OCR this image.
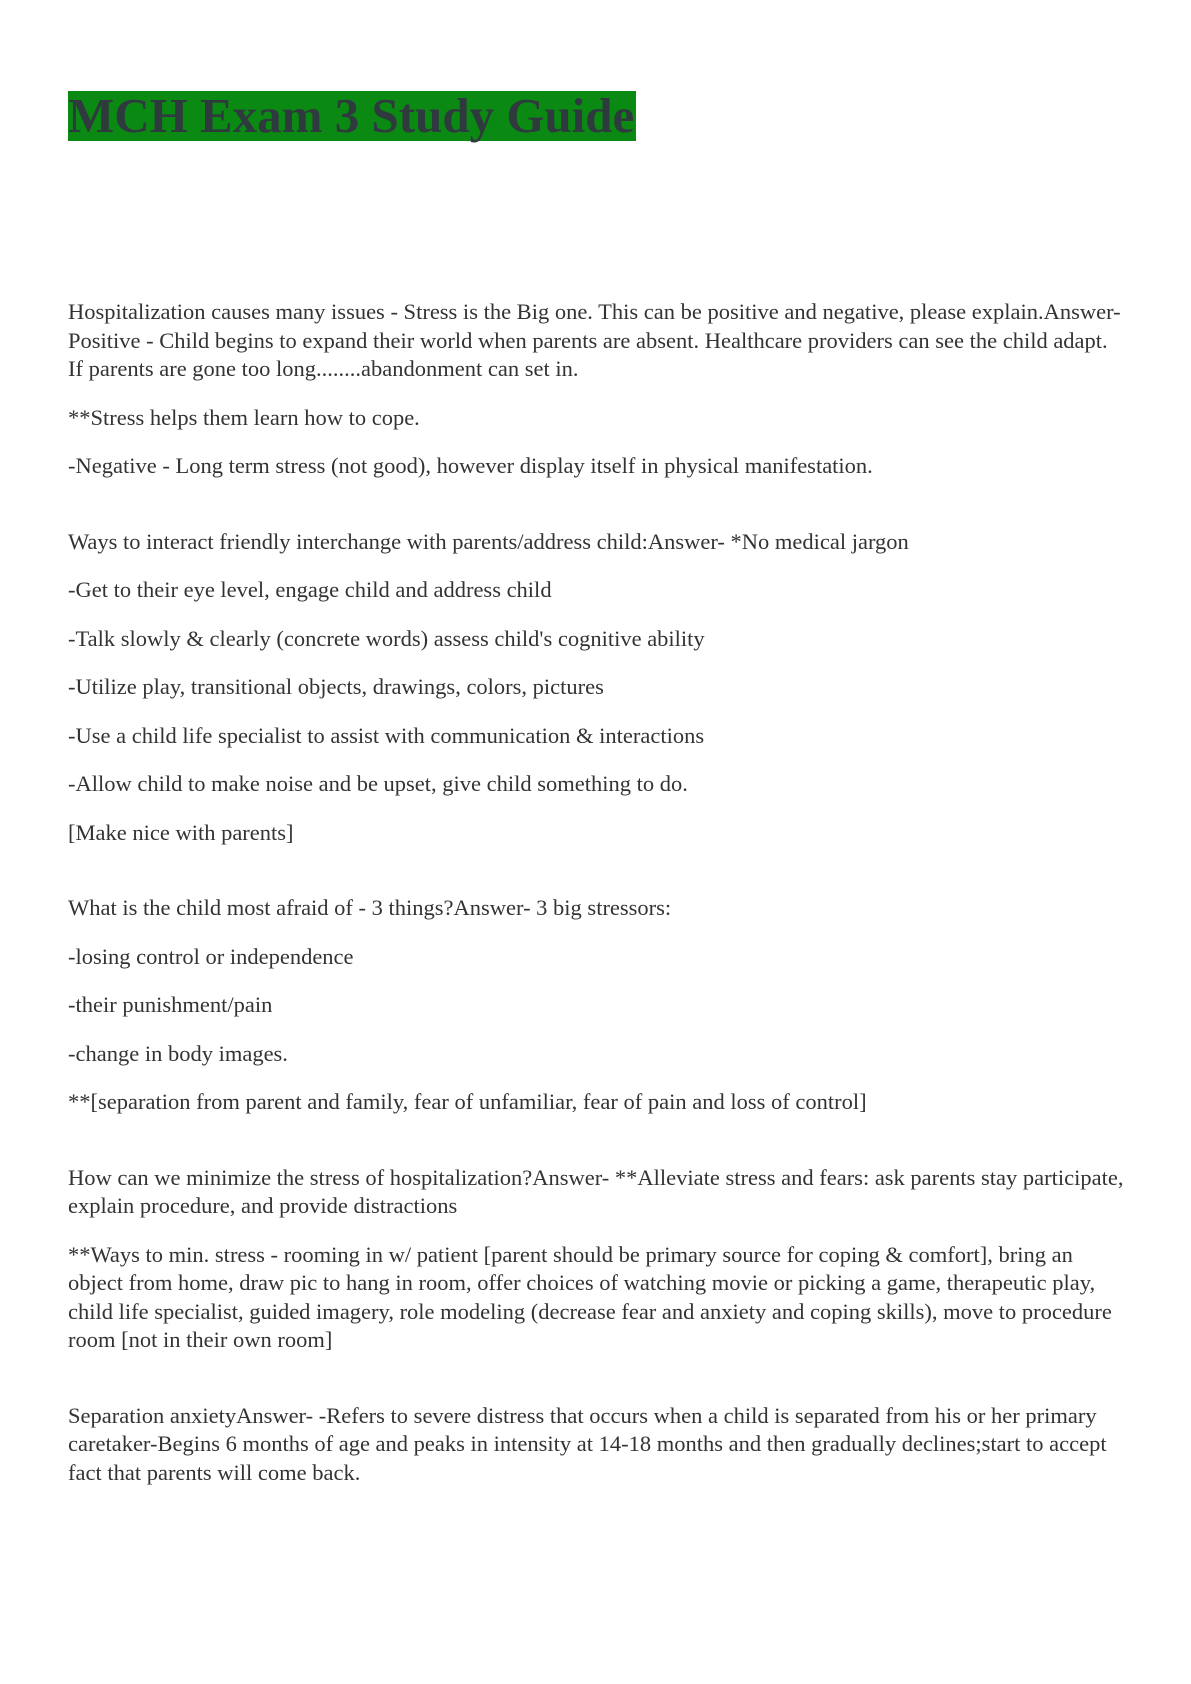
MCH Exam 3 Study Guide

Hospitalization causes many issues - Stress is the Big one. This can be positive and negative, please explain.Answer- Positive - Child begins to expand their world when parents are absent. Healthcare providers can see the child adapt. If parents are gone too long........abandonment can set in.

**Stress helps them learn how to cope.

-Negative - Long term stress (not good), however display itself in physical manifestation.

Ways to interact friendly interchange with parents/address child:Answer- *No medical jargon

-Get to their eye level, engage child and address child

-Talk slowly & clearly (concrete words) assess child's cognitive ability

-Utilize play, transitional objects, drawings, colors, pictures

-Use a child life specialist to assist with communication & interactions

-Allow child to make noise and be upset, give child something to do.

[Make nice with parents]

What is the child most afraid of - 3 things?Answer- 3 big stressors:

-losing control or independence

-their punishment/pain

-change in body images.

**[separation from parent and family, fear of unfamiliar, fear of pain and loss of control]

How can we minimize the stress of hospitalization?Answer- **Alleviate stress and fears: ask parents stay participate, explain procedure, and provide distractions

**Ways to min. stress - rooming in w/ patient [parent should be primary source for coping & comfort], bring an object from home, draw pic to hang in room, offer choices of watching movie or picking a game, therapeutic play, child life specialist, guided imagery, role modeling (decrease fear and anxiety and coping skills), move to procedure room [not in their own room]

Separation anxietyAnswer- -Refers to severe distress that occurs when a child is separated from his or her primary caretaker-Begins 6 months of age and peaks in intensity at 14-18 months and then gradually declines;start to accept fact that parents will come back.
